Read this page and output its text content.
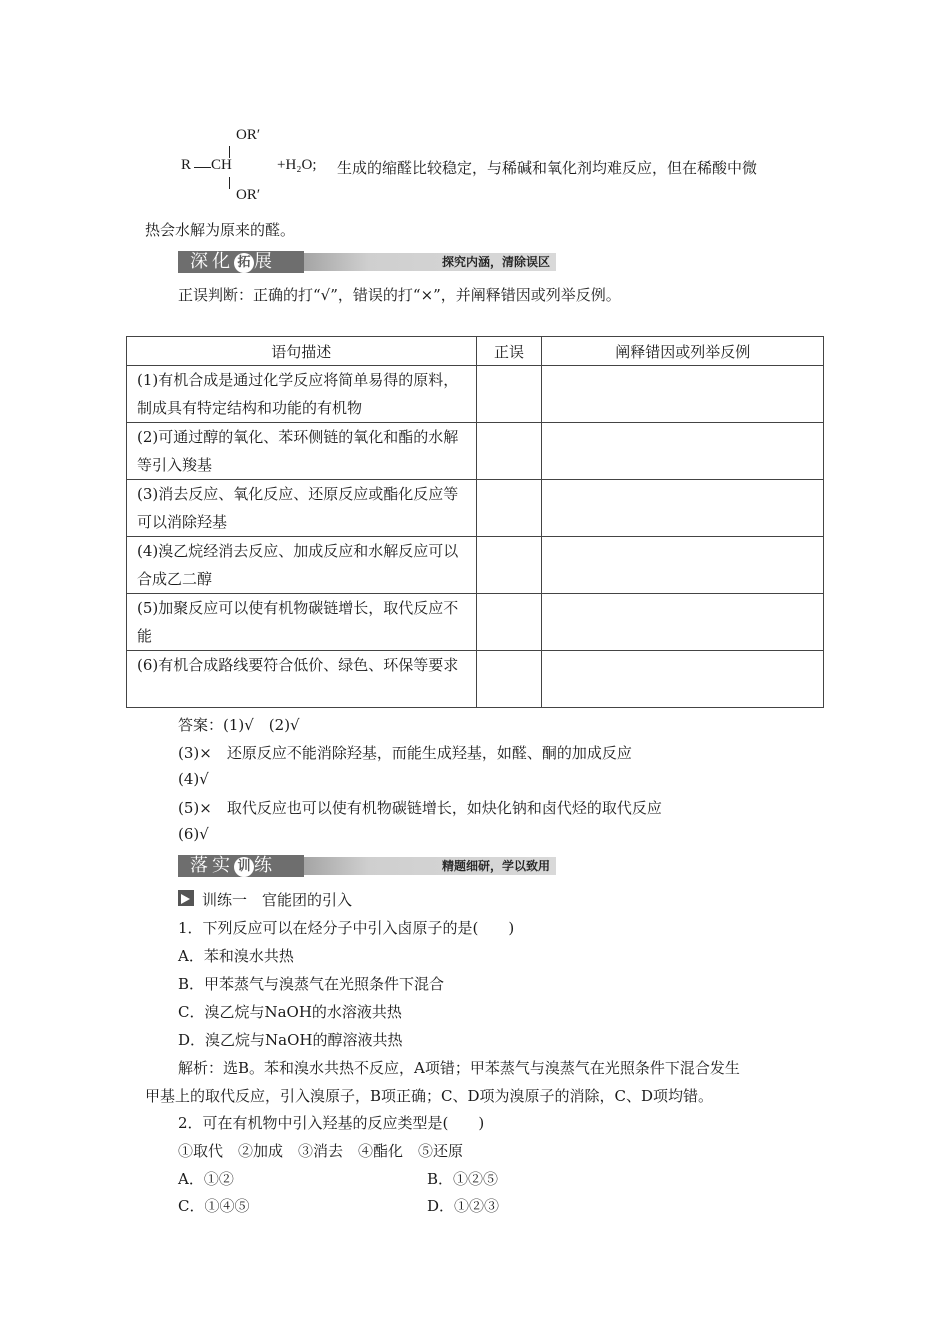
OR′
R CH
OR′
+H₂O; 生成的缩醛比较稳定，与稀碱和氧化剂均难反应，但在稀酸中微
热会水解为原来的醛。
深化 拓 展	探究内涵，清除误区
正误判断：正确的打“√”，错误的打“×”，并阐释错因或列举反例。
语句描述	正误	阐释错因或列举反例
(1)有机合成是通过化学反应将简单易得的原料，制成具有特定结构和功能的有机物		
(2)可通过醇的氧化、苯环侧链的氧化和酯的水解等引入羧基		
(3)消去反应、氧化反应、还原反应或酯化反应等可以消除羟基		
(4)溴乙烷经消去反应、加成反应和水解反应可以合成乙二醇		
(5)加聚反应可以使有机物碳链增长，取代反应不能		
(6)有机合成路线要符合低价、绿色、环保等要求		
答案：(1)√　(2)√
(3)×　还原反应不能消除羟基，而能生成羟基，如醛、酮的加成反应
(4)√
(5)×　取代反应也可以使有机物碳链增长，如炔化钠和卤代烃的取代反应
(6)√
落实 训 练	精题细研，学以致用
训练一　官能团的引入
1．下列反应可以在烃分子中引入卤原子的是(　　)
A．苯和溴水共热
B．甲苯蒸气与溴蒸气在光照条件下混合
C．溴乙烷与NaOH的水溶液共热
D．溴乙烷与NaOH的醇溶液共热
解析：选B。苯和溴水共热不反应，A项错；甲苯蒸气与溴蒸气在光照条件下混合发生
甲基上的取代反应，引入溴原子，B项正确；C、D项为溴原子的消除，C、D项均错。
2．可在有机物中引入羟基的反应类型是(　　)
①取代　②加成　③消去　④酯化　⑤还原
A．①②	B．①②⑤
C．①④⑤	D．①②③
